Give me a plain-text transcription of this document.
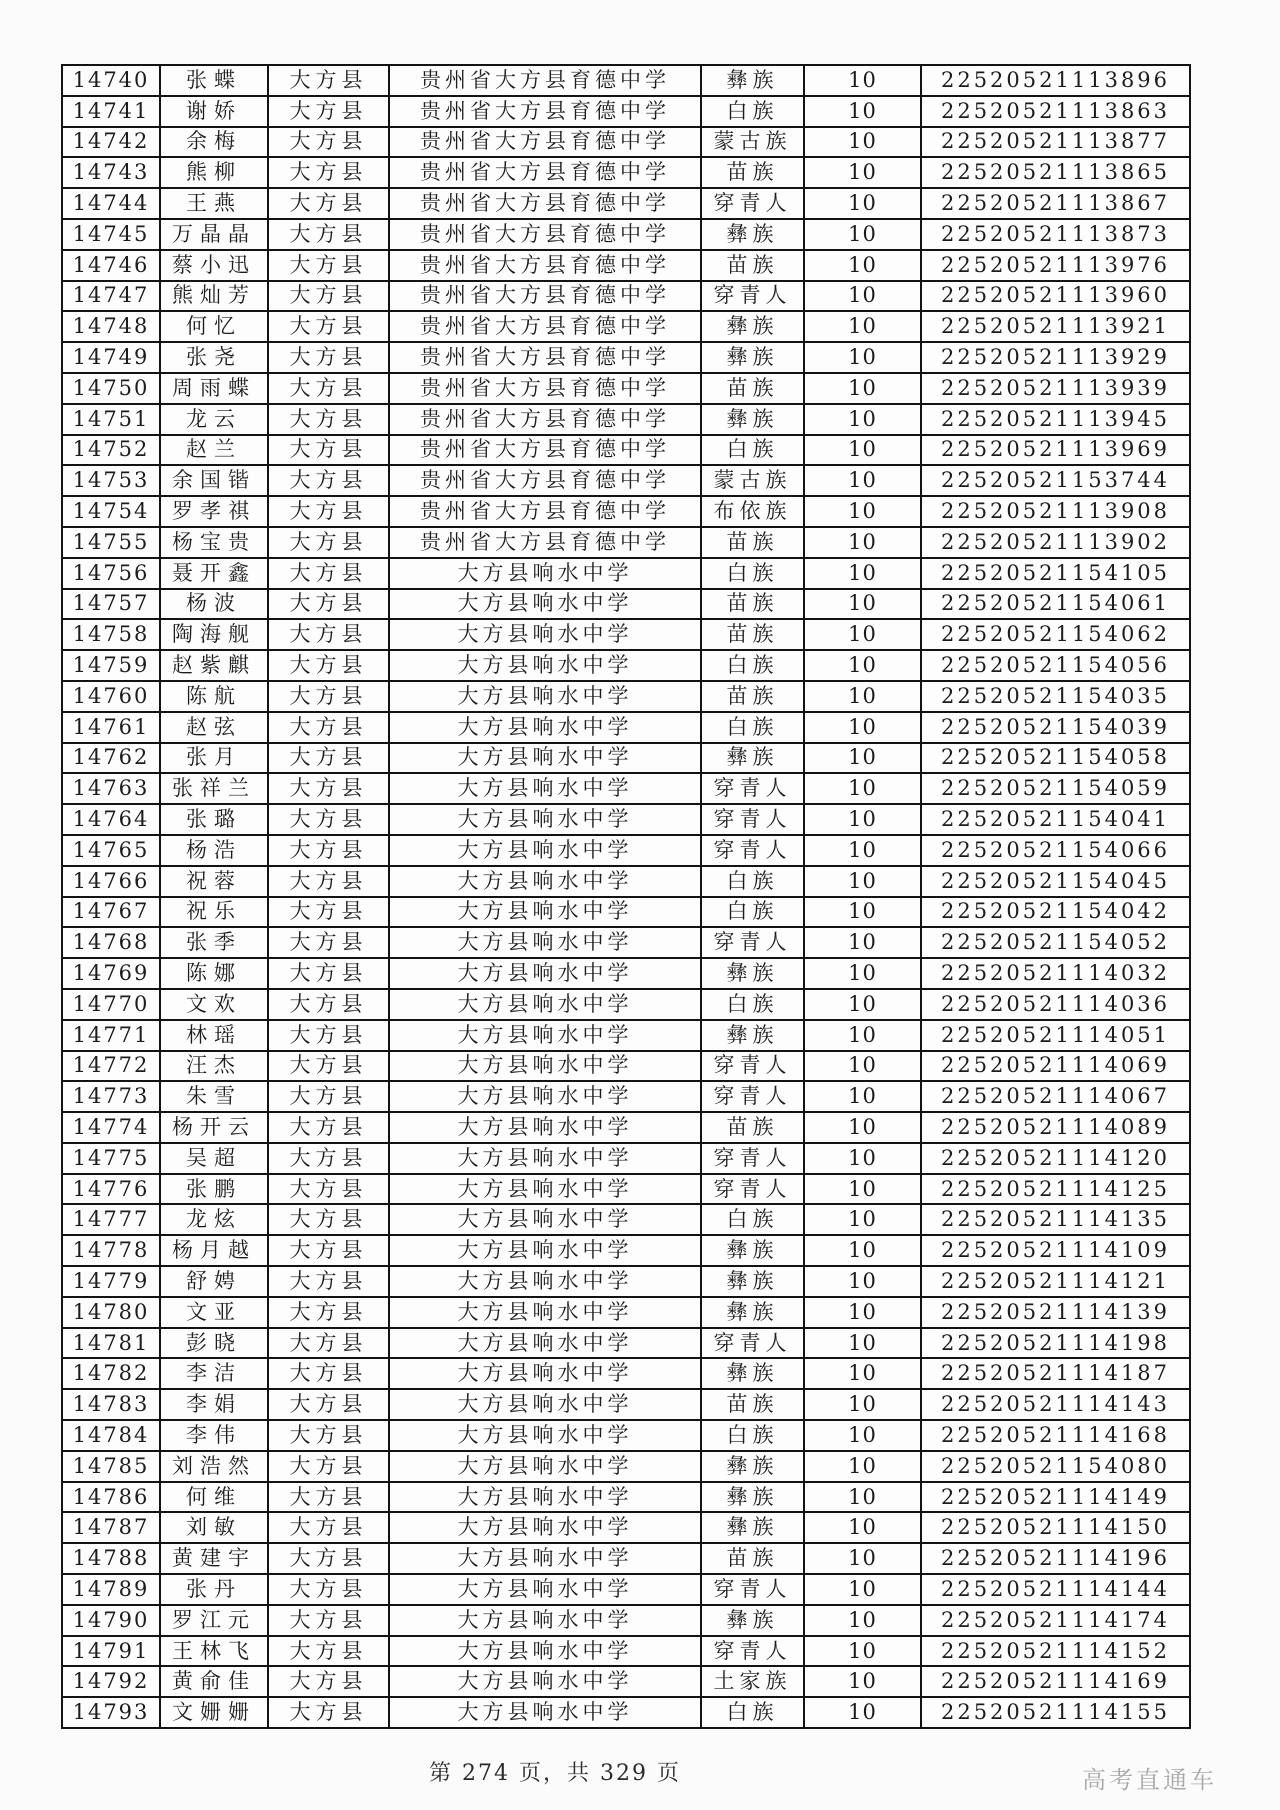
14740	张蝶	大方县	贵州省大方县育德中学	彝族	10	22520521113896
14741	谢娇	大方县	贵州省大方县育德中学	白族	10	22520521113863
14742	余梅	大方县	贵州省大方县育德中学	蒙古族	10	22520521113877
14743	熊柳	大方县	贵州省大方县育德中学	苗族	10	22520521113865
14744	王燕	大方县	贵州省大方县育德中学	穿青人	10	22520521113867
14745	万晶晶	大方县	贵州省大方县育德中学	彝族	10	22520521113873
14746	蔡小迅	大方县	贵州省大方县育德中学	苗族	10	22520521113976
14747	熊灿芳	大方县	贵州省大方县育德中学	穿青人	10	22520521113960
14748	何忆	大方县	贵州省大方县育德中学	彝族	10	22520521113921
14749	张尧	大方县	贵州省大方县育德中学	彝族	10	22520521113929
14750	周雨蝶	大方县	贵州省大方县育德中学	苗族	10	22520521113939
14751	龙云	大方县	贵州省大方县育德中学	彝族	10	22520521113945
14752	赵兰	大方县	贵州省大方县育德中学	白族	10	22520521113969
14753	余国锴	大方县	贵州省大方县育德中学	蒙古族	10	22520521153744
14754	罗孝祺	大方县	贵州省大方县育德中学	布依族	10	22520521113908
14755	杨宝贵	大方县	贵州省大方县育德中学	苗族	10	22520521113902
14756	聂开鑫	大方县	大方县响水中学	白族	10	22520521154105
14757	杨波	大方县	大方县响水中学	苗族	10	22520521154061
14758	陶海舰	大方县	大方县响水中学	苗族	10	22520521154062
14759	赵紫麒	大方县	大方县响水中学	白族	10	22520521154056
14760	陈航	大方县	大方县响水中学	苗族	10	22520521154035
14761	赵弦	大方县	大方县响水中学	白族	10	22520521154039
14762	张月	大方县	大方县响水中学	彝族	10	22520521154058
14763	张祥兰	大方县	大方县响水中学	穿青人	10	22520521154059
14764	张璐	大方县	大方县响水中学	穿青人	10	22520521154041
14765	杨浩	大方县	大方县响水中学	穿青人	10	22520521154066
14766	祝蓉	大方县	大方县响水中学	白族	10	22520521154045
14767	祝乐	大方县	大方县响水中学	白族	10	22520521154042
14768	张季	大方县	大方县响水中学	穿青人	10	22520521154052
14769	陈娜	大方县	大方县响水中学	彝族	10	22520521114032
14770	文欢	大方县	大方县响水中学	白族	10	22520521114036
14771	林瑶	大方县	大方县响水中学	彝族	10	22520521114051
14772	汪杰	大方县	大方县响水中学	穿青人	10	22520521114069
14773	朱雪	大方县	大方县响水中学	穿青人	10	22520521114067
14774	杨开云	大方县	大方县响水中学	苗族	10	22520521114089
14775	吴超	大方县	大方县响水中学	穿青人	10	22520521114120
14776	张鹏	大方县	大方县响水中学	穿青人	10	22520521114125
14777	龙炫	大方县	大方县响水中学	白族	10	22520521114135
14778	杨月越	大方县	大方县响水中学	彝族	10	22520521114109
14779	舒娉	大方县	大方县响水中学	彝族	10	22520521114121
14780	文亚	大方县	大方县响水中学	彝族	10	22520521114139
14781	彭晓	大方县	大方县响水中学	穿青人	10	22520521114198
14782	李洁	大方县	大方县响水中学	彝族	10	22520521114187
14783	李娟	大方县	大方县响水中学	苗族	10	22520521114143
14784	李伟	大方县	大方县响水中学	白族	10	22520521114168
14785	刘浩然	大方县	大方县响水中学	彝族	10	22520521154080
14786	何维	大方县	大方县响水中学	彝族	10	22520521114149
14787	刘敏	大方县	大方县响水中学	彝族	10	22520521114150
14788	黄建宇	大方县	大方县响水中学	苗族	10	22520521114196
14789	张丹	大方县	大方县响水中学	穿青人	10	22520521114144
14790	罗江元	大方县	大方县响水中学	彝族	10	22520521114174
14791	王林飞	大方县	大方县响水中学	穿青人	10	22520521114152
14792	黄俞佳	大方县	大方县响水中学	土家族	10	22520521114169
14793	文姗姗	大方县	大方县响水中学	白族	10	22520521114155
第 274 页，共 329 页	高考直通车
